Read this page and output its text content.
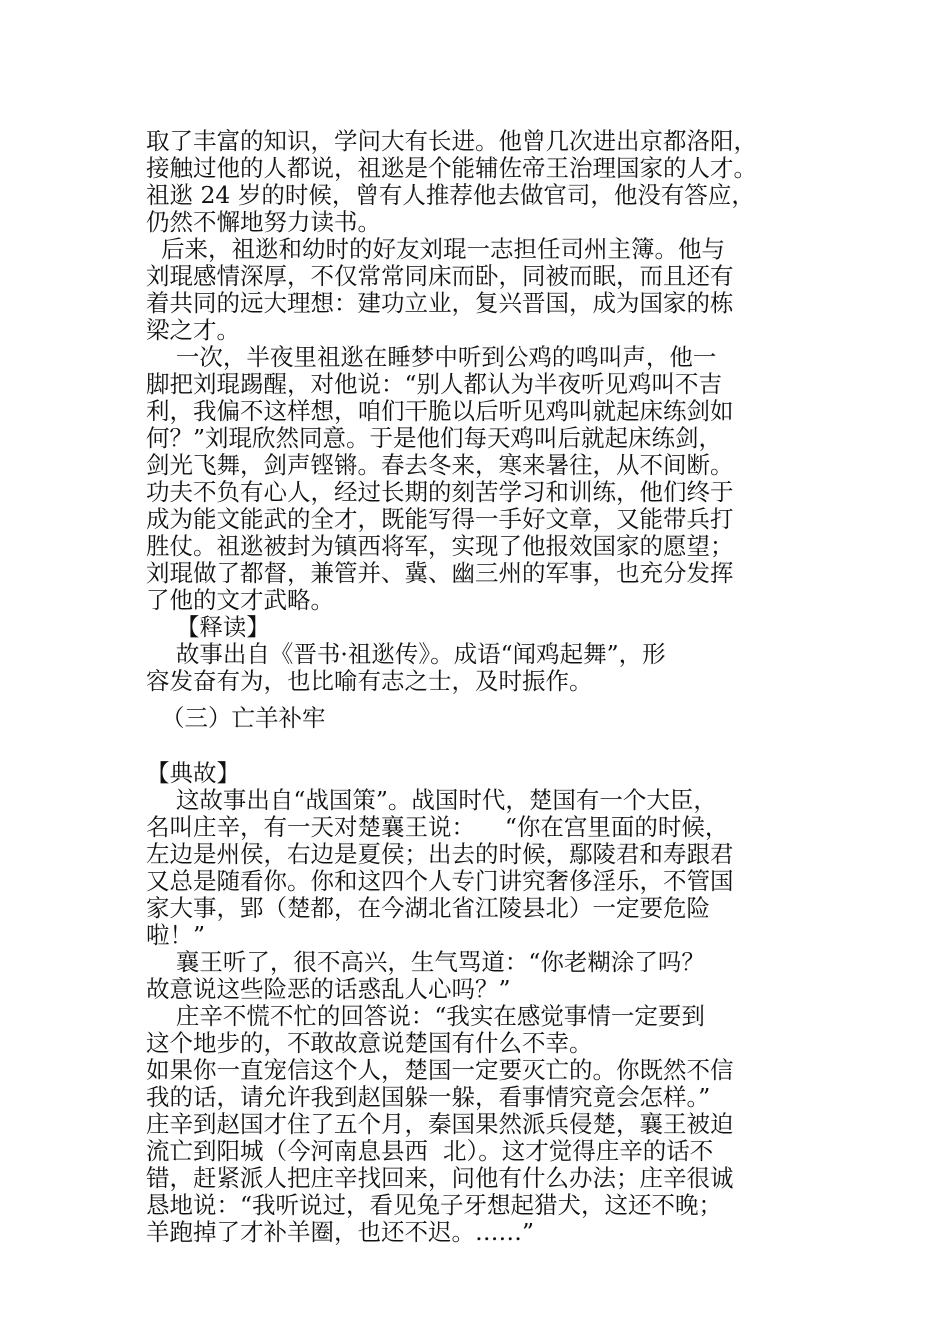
取了丰富的知识，学问大有长进。他曾几次进出京都洛阳，
接触过他的人都说，祖逖是个能辅佐帝王治理国家的人才。
祖逖 24 岁的时候，曾有人推荐他去做官司，他没有答应，
仍然不懈地努力读书。
后来，祖逖和幼时的好友刘琨一志担任司州主簿。他与
刘琨感情深厚，不仅常常同床而卧，同被而眠，而且还有
着共同的远大理想：建功立业，复兴晋国，成为国家的栋
梁之才。
一次，半夜里祖逖在睡梦中听到公鸡的鸣叫声，他一
脚把刘琨踢醒，对他说：“别人都认为半夜听见鸡叫不吉
利，我偏不这样想，咱们干脆以后听见鸡叫就起床练剑如
何？”刘琨欣然同意。于是他们每天鸡叫后就起床练剑，
剑光飞舞，剑声铿锵。春去冬来，寒来暑往，从不间断。
功夫不负有心人，经过长期的刻苦学习和训练，他们终于
成为能文能武的全才，既能写得一手好文章，又能带兵打
胜仗。祖逖被封为镇西将军，实现了他报效国家的愿望；
刘琨做了都督，兼管并、冀、幽三州的军事，也充分发挥
了他的文才武略。
【释读】
故事出自《晋书·祖逖传》。成语“闻鸡起舞”，形
容发奋有为，也比喻有志之士，及时振作。
（三）亡羊补牢
【典故】
这故事出自“战国策”。战国时代，楚国有一个大臣，
名叫庄辛，有一天对楚襄王说：    “你在宫里面的时候，
左边是州侯，右边是夏侯；出去的时候，鄢陵君和寿跟君
又总是随看你。你和这四个人专门讲究奢侈淫乐，不管国
家大事，郢（楚都，在今湖北省江陵县北）一定要危险
啦！”
襄王听了，很不高兴，生气骂道：“你老糊涂了吗？
故意说这些险恶的话惑乱人心吗？”
庄辛不慌不忙的回答说：“我实在感觉事情一定要到
这个地步的，不敢故意说楚国有什么不幸。
如果你一直宠信这个人，楚国一定要灭亡的。你既然不信
我的话，请允许我到赵国躲一躲，看事情究竟会怎样。”
庄辛到赵国才住了五个月，秦国果然派兵侵楚，襄王被迫
流亡到阳城（今河南息县西  北）。这才觉得庄辛的话不
错，赶紧派人把庄辛找回来，问他有什么办法；庄辛很诚
恳地说：“我听说过，看见兔子牙想起猎犬，这还不晚；
羊跑掉了才补羊圈，也还不迟。……”
